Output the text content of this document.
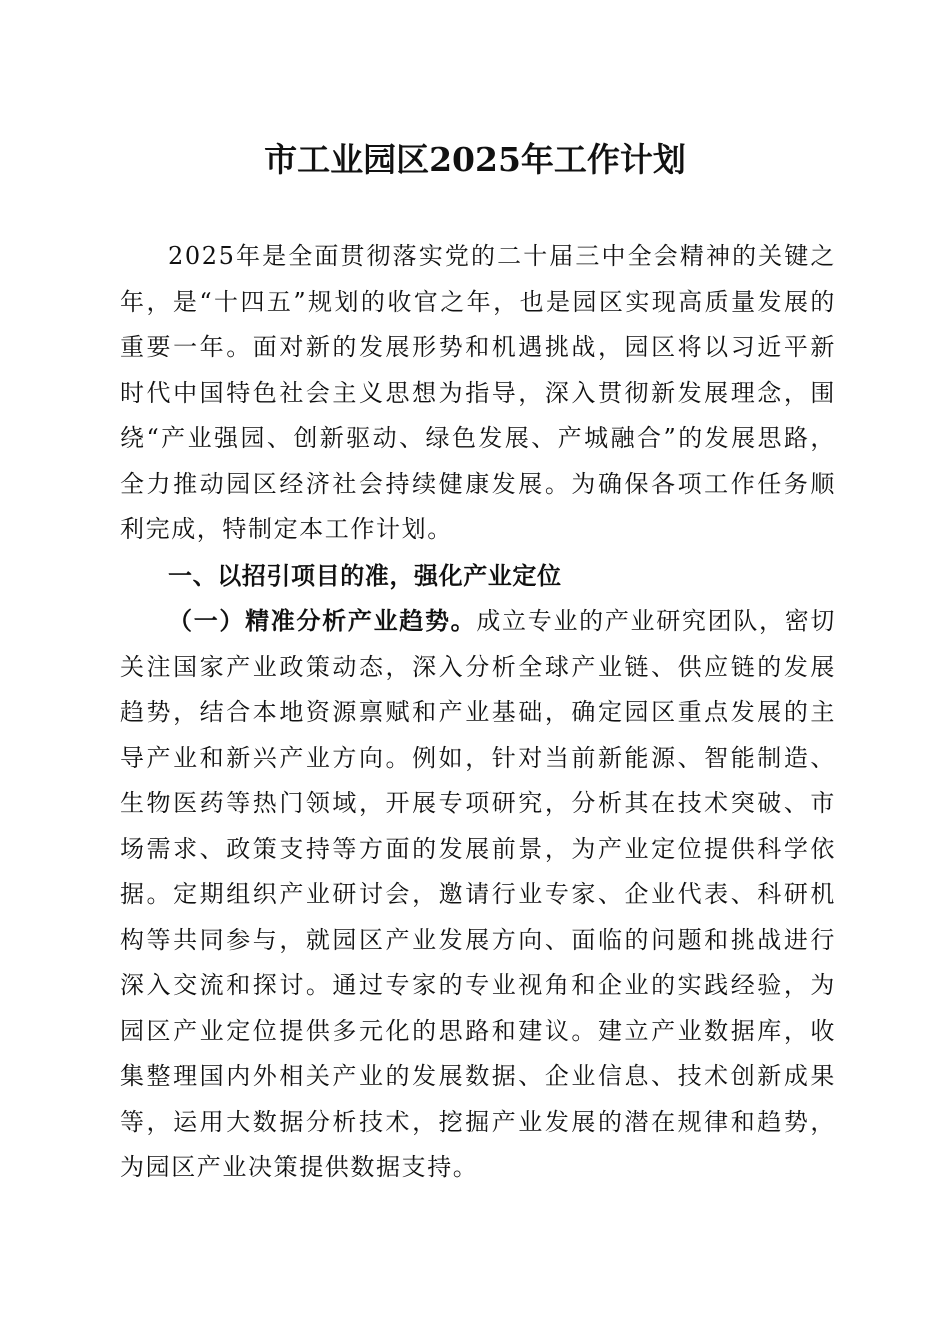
市工业园区2025年工作计划

2025年是全面贯彻落实党的二十届三中全会精神的关键之年，是“十四五”规划的收官之年，也是园区实现高质量发展的重要一年。面对新的发展形势和机遇挑战，园区将以习近平新时代中国特色社会主义思想为指导，深入贯彻新发展理念，围绕“产业强园、创新驱动、绿色发展、产城融合”的发展思路，全力推动园区经济社会持续健康发展。为确保各项工作任务顺利完成，特制定本工作计划。

一、以招引项目的准，强化产业定位

（一）精准分析产业趋势。成立专业的产业研究团队，密切关注国家产业政策动态，深入分析全球产业链、供应链的发展趋势，结合本地资源禀赋和产业基础，确定园区重点发展的主导产业和新兴产业方向。例如，针对当前新能源、智能制造、生物医药等热门领域，开展专项研究，分析其在技术突破、市场需求、政策支持等方面的发展前景，为产业定位提供科学依据。定期组织产业研讨会，邀请行业专家、企业代表、科研机构等共同参与，就园区产业发展方向、面临的问题和挑战进行深入交流和探讨。通过专家的专业视角和企业的实践经验，为园区产业定位提供多元化的思路和建议。建立产业数据库，收集整理国内外相关产业的发展数据、企业信息、技术创新成果等，运用大数据分析技术，挖掘产业发展的潜在规律和趋势，为园区产业决策提供数据支持。
